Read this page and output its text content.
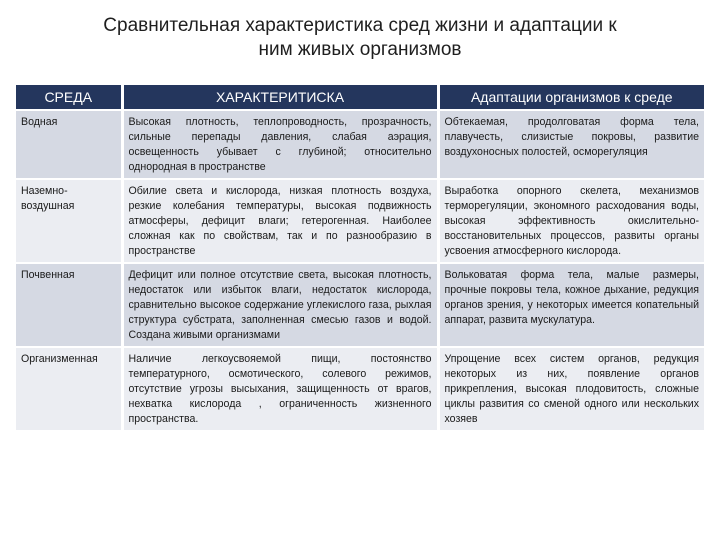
Сравнительная характеристика сред жизни и адаптации к
ним живых организмов
СРЕДА	ХАРАКТЕРИТИСКА	Адаптации организмов к среде
Водная	Высокая плотность, теплопроводность, прозрачность, сильные перепады давления, слабая аэрация, освещенность убывает с глубиной; относительно однородная в пространстве	Обтекаемая, продолговатая форма тела, плавучесть, слизистые покровы, развитие воздухоносных полостей, осморегуляция
Наземно-воздушная	Обилие света и кислорода, низкая плотность воздуха, резкие колебания температуры, высокая подвижность атмосферы, дефицит влаги; гетерогенная. Наиболее сложная как по свойствам, так и по разнообразию в пространстве	Выработка опорного скелета, механизмов терморегуляции, экономного расходования воды, высокая эффективность окислительно-восстановительных процессов, развиты органы усвоения атмосферного кислорода.
Почвенная	Дефицит или полное отсутствие света, высокая плотность, недостаток или избыток влаги, недостаток кислорода, сравнительно высокое содержание углекислого газа, рыхлая структура субстрата, заполненная смесью газов и водой. Создана живыми организмами	Вольковатая форма тела, малые размеры, прочные покровы тела, кожное дыхание, редукция органов зрения, у некоторых имеется копательный аппарат, развита мускулатура.
Организменная	Наличие легкоусвояемой пищи, постоянство температурного, осмотического, солевого режимов, отсутствие угрозы высыхания, защищенность от врагов, нехватка кислорода , ограниченность жизненного пространства.	Упрощение всех систем органов, редукция некоторых из них, появление органов прикрепления, высокая плодовитость, сложные циклы развития со сменой одного или нескольких хозяев
